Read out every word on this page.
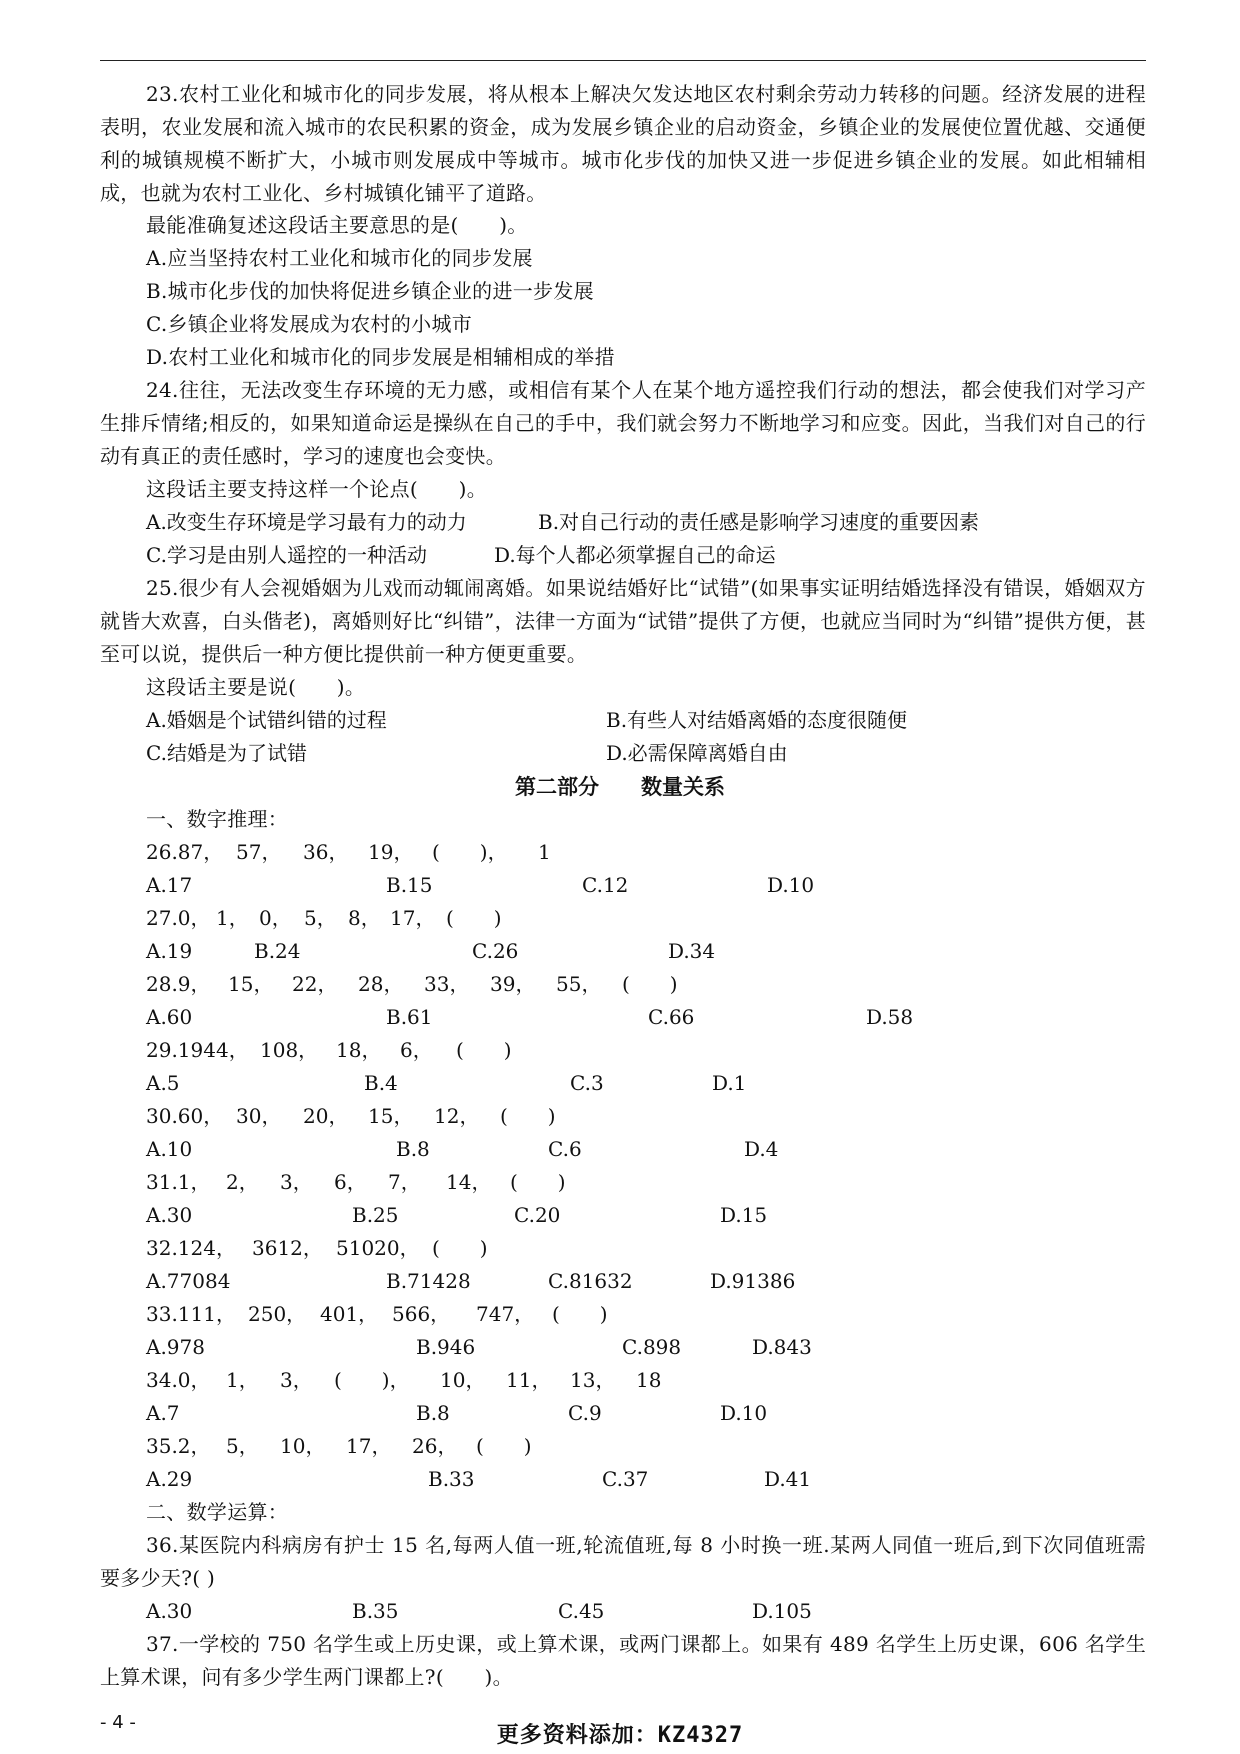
23.农村工业化和城市化的同步发展，将从根本上解决欠发达地区农村剩余劳动力转移的问题。经济发展的进程表明，农业发展和流入城市的农民积累的资金，成为发展乡镇企业的启动资金，乡镇企业的发展使位置优越、交通便利的城镇规模不断扩大，小城市则发展成中等城市。城市化步伐的加快又进一步促进乡镇企业的发展。如此相辅相成，也就为农村工业化、乡村城镇化铺平了道路。
最能准确复述这段话主要意思的是(　　)。
A.应当坚持农村工业化和城市化的同步发展
B.城市化步伐的加快将促进乡镇企业的进一步发展
C.乡镇企业将发展成为农村的小城市
D.农村工业化和城市化的同步发展是相辅相成的举措
24.往往，无法改变生存环境的无力感，或相信有某个人在某个地方遥控我们行动的想法，都会使我们对学习产生排斥情绪;相反的，如果知道命运是操纵在自己的手中，我们就会努力不断地学习和应变。因此，当我们对自己的行动有真正的责任感时，学习的速度也会变快。
这段话主要支持这样一个论点(　　)。
A.改变生存环境是学习最有力的动力	B.对自己行动的责任感是影响学习速度的重要因素
C.学习是由别人遥控的一种活动	D.每个人都必须掌握自己的命运
25.很少有人会视婚姻为儿戏而动辄闹离婚。如果说结婚好比“试错”(如果事实证明结婚选择没有错误，婚姻双方就皆大欢喜，白头偕老)，离婚则好比“纠错”，法律一方面为“试错”提供了方便，也就应当同时为“纠错”提供方便，甚至可以说，提供后一种方便比提供前一种方便更重要。
这段话主要是说(　　)。
A.婚姻是个试错纠错的过程	B.有些人对结婚离婚的态度很随便
C.结婚是为了试错	D.必需保障离婚自由
第二部分　　数量关系
一、数字推理：
26.87， 57， 36， 19， (　　)， 1
A.17	B.15	C.12	D.10
27.0， 1， 0， 5， 8， 17， (　　)
A.19	B.24	C.26	D.34
28.9， 15， 22， 28， 33， 39， 55， (　　)
A.60	B.61	C.66	D.58
29.1944， 108， 18， 6， (　　)
A.5	B.4	C.3	D.1
30.60， 30， 20， 15， 12， (　　)
A.10	B.8	C.6	D.4
31.1， 2， 3， 6， 7， 14， (　　)
A.30	B.25	C.20	D.15
32.124， 3612， 51020， (　　)
A.77084	B.71428	C.81632	D.91386
33.111， 250， 401， 566， 747， (　　)
A.978	B.946	C.898	D.843
34.0， 1， 3， (　　)， 10， 11， 13， 18
A.7	B.8	C.9	D.10
35.2， 5， 10， 17， 26， (　　)
A.29	B.33	C.37	D.41
二、数学运算：
36.某医院内科病房有护士 15 名,每两人值一班,轮流值班,每 8 小时换一班.某两人同值一班后,到下次同值班需要多少天?( )
A.30	B.35	C.45	D.105
37.一学校的 750 名学生或上历史课，或上算术课，或两门课都上。如果有 489 名学生上历史课，606 名学生上算术课，问有多少学生两门课都上?(　　)。
- 4 -
更多资料添加：KZ4327
